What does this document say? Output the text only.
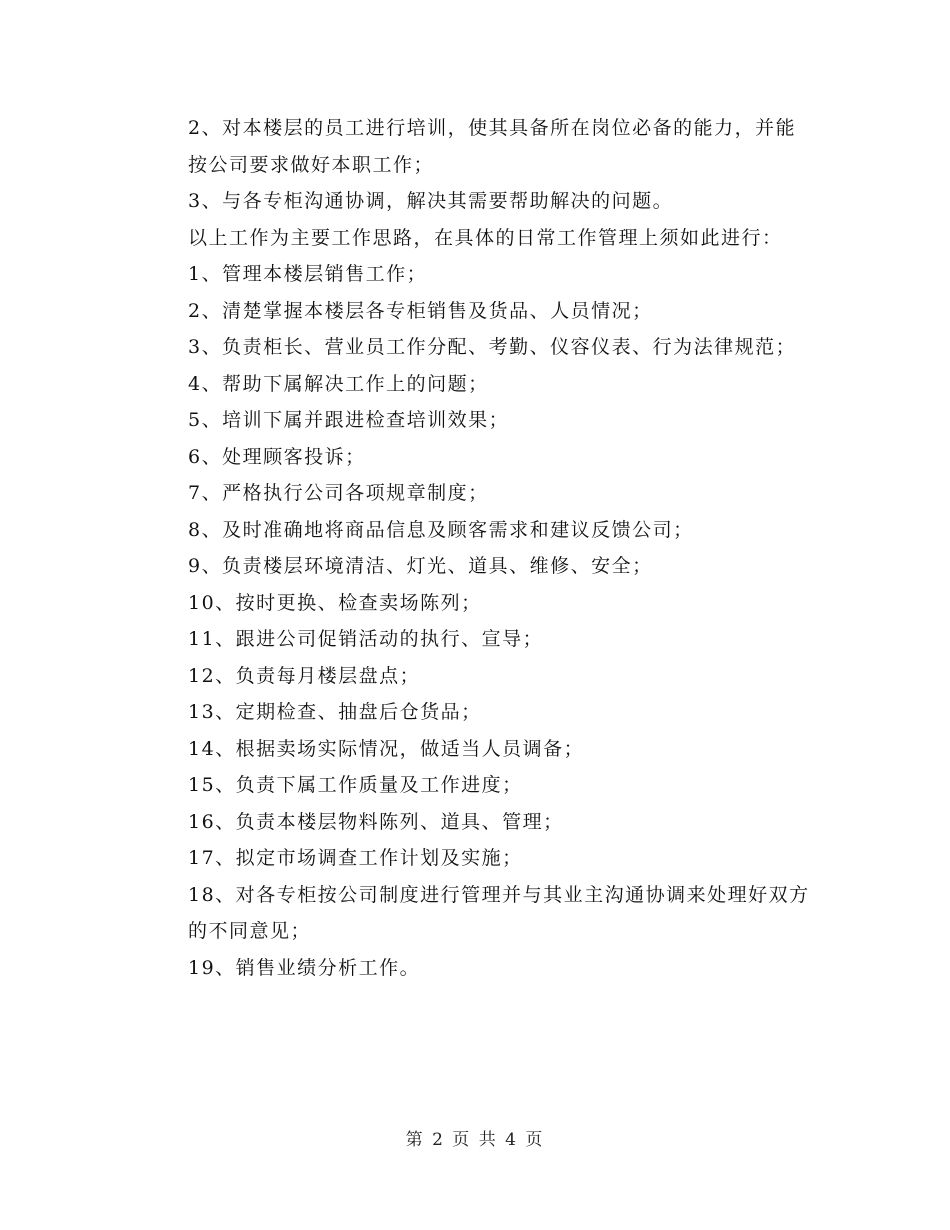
2、对本楼层的员工进行培训，使其具备所在岗位必备的能力，并能按公司要求做好本职工作；

3、与各专柜沟通协调，解决其需要帮助解决的问题。

以上工作为主要工作思路，在具体的日常工作管理上须如此进行：

1、管理本楼层销售工作；

2、清楚掌握本楼层各专柜销售及货品、人员情况；

3、负责柜长、营业员工作分配、考勤、仪容仪表、行为法律规范；

4、帮助下属解决工作上的问题；

5、培训下属并跟进检查培训效果；

6、处理顾客投诉；

7、严格执行公司各项规章制度；

8、及时准确地将商品信息及顾客需求和建议反馈公司；

9、负责楼层环境清洁、灯光、道具、维修、安全；

10、按时更换、检查卖场陈列；

11、跟进公司促销活动的执行、宣导；

12、负责每月楼层盘点；

13、定期检查、抽盘后仓货品；

14、根据卖场实际情况，做适当人员调备；

15、负责下属工作质量及工作进度；

16、负责本楼层物料陈列、道具、管理；

17、拟定市场调查工作计划及实施；

18、对各专柜按公司制度进行管理并与其业主沟通协调来处理好双方的不同意见；

19、销售业绩分析工作。

第 2 页 共 4 页
